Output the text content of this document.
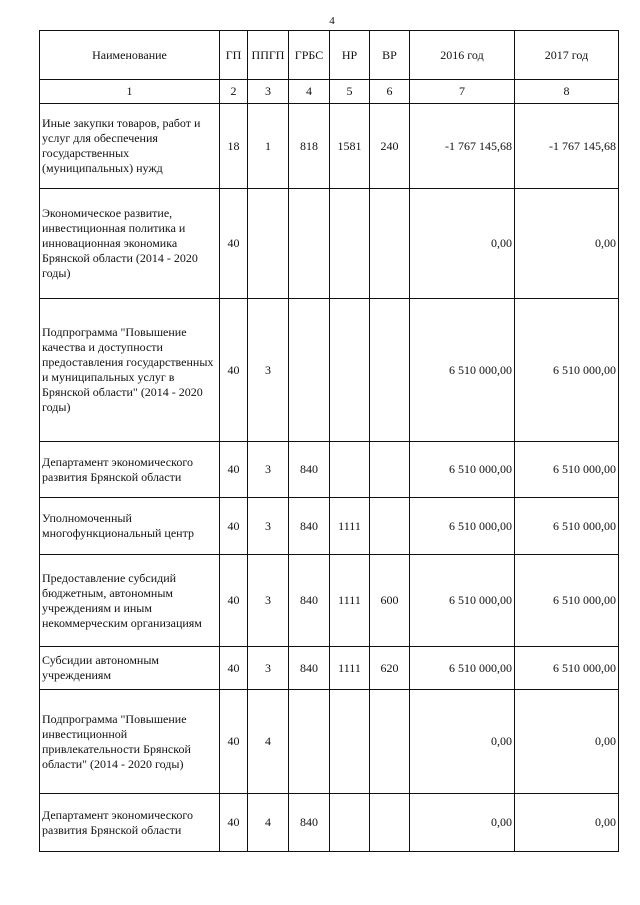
4
Наименование	ГП	ППГП	ГРБС	НР	ВР	2016 год	2017 год
1	2	3	4	5	6	7	8
Иные закупки товаров, работ и услуг для обеспечения государственных (муниципальных) нужд	18	1	818	1581	240	-1 767 145,68	-1 767 145,68
Экономическое развитие, инвестиционная политика и инновационная экономика Брянской области (2014 - 2020 годы)	40					0,00	0,00
Подпрограмма "Повышение качества и доступности предоставления государственных и муниципальных услуг в Брянской области" (2014 - 2020 годы)	40	3				6 510 000,00	6 510 000,00
Департамент экономического развития Брянской области	40	3	840			6 510 000,00	6 510 000,00
Уполномоченный многофункциональный центр	40	3	840	1111		6 510 000,00	6 510 000,00
Предоставление субсидий бюджетным, автономным учреждениям и иным некоммерческим организациям	40	3	840	1111	600	6 510 000,00	6 510 000,00
Субсидии автономным учреждениям	40	3	840	1111	620	6 510 000,00	6 510 000,00
Подпрограмма "Повышение инвестиционной привлекательности Брянской области" (2014 - 2020 годы)	40	4				0,00	0,00
Департамент экономического развития Брянской области	40	4	840			0,00	0,00
